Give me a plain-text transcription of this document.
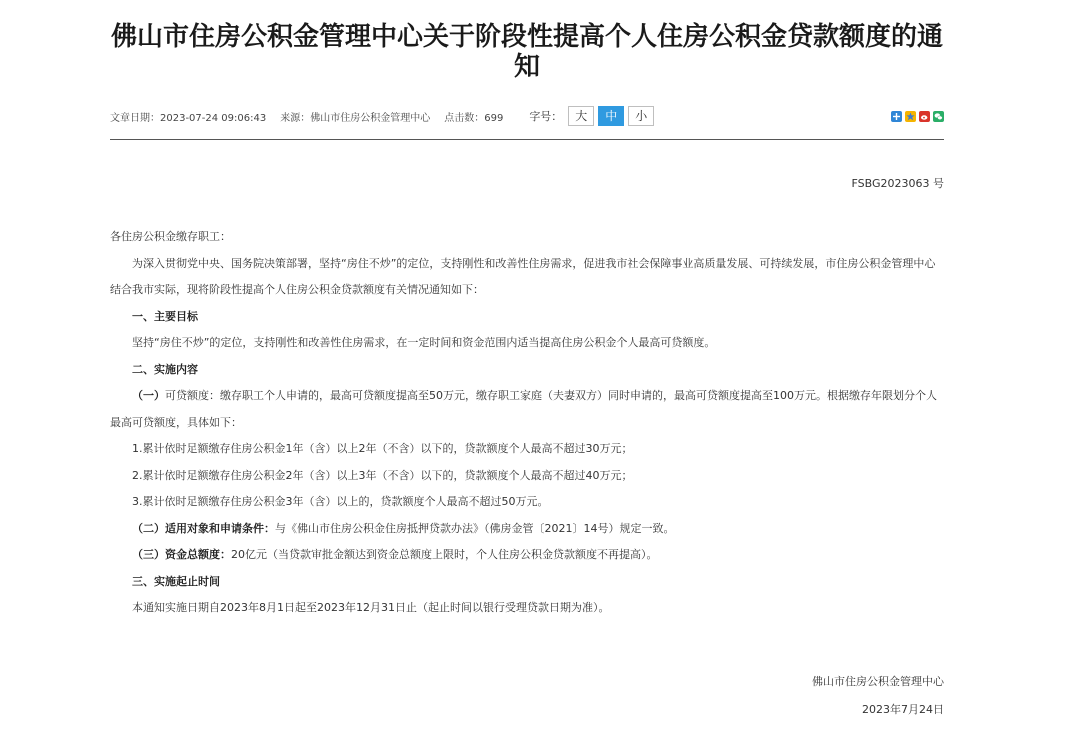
佛山市住房公积金管理中心关于阶段性提高个人住房公积金贷款额度的通知
文章日期：2023-07-24 09:06:43 来源：佛山市住房公积金管理中心 点击数：699 字号：	大	中	小
FSBG2023063 号

各住房公积金缴存职工：

为深入贯彻党中央、国务院决策部署，坚持“房住不炒”的定位，支持刚性和改善性住房需求，促进我市社会保障事业高质量发展、可持续发展，市住房公积金管理中心结合我市实际，现将阶段性提高个人住房公积金贷款额度有关情况通知如下：

一、主要目标

坚持“房住不炒”的定位，支持刚性和改善性住房需求，在一定时间和资金范围内适当提高住房公积金个人最高可贷额度。

二、实施内容

（一）可贷额度：缴存职工个人申请的，最高可贷额度提高至50万元，缴存职工家庭（夫妻双方）同时申请的，最高可贷额度提高至100万元。根据缴存年限划分个人最高可贷额度，具体如下：

1.累计依时足额缴存住房公积金1年（含）以上2年（不含）以下的，贷款额度个人最高不超过30万元；

2.累计依时足额缴存住房公积金2年（含）以上3年（不含）以下的，贷款额度个人最高不超过40万元；

3.累计依时足额缴存住房公积金3年（含）以上的，贷款额度个人最高不超过50万元。

（二）适用对象和申请条件：与《佛山市住房公积金住房抵押贷款办法》（佛房金管〔2021〕14号）规定一致。

（三）资金总额度：20亿元（当贷款审批金额达到资金总额度上限时，个人住房公积金贷款额度不再提高）。

三、实施起止时间

本通知实施日期自2023年8月1日起至2023年12月31日止（起止时间以银行受理贷款日期为准）。

佛山市住房公积金管理中心
2023年7月24日
